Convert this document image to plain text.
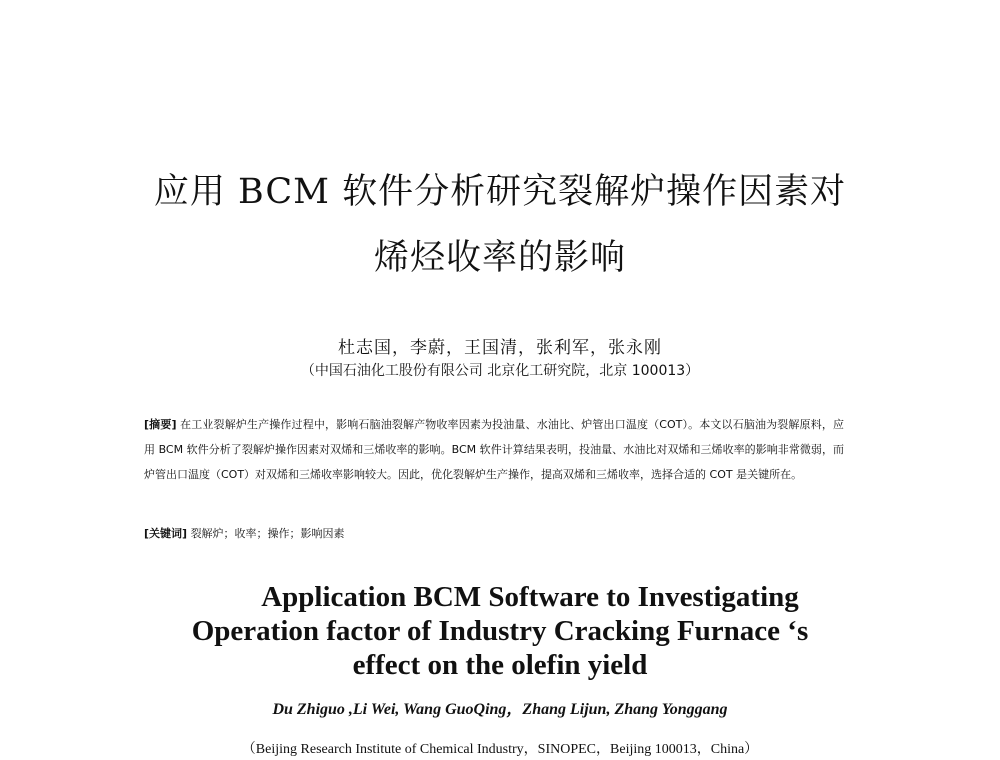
应用 BCM 软件分析研究裂解炉操作因素对
烯烃收率的影响
杜志国，李蔚，王国清，张利军，张永刚
（中国石油化工股份有限公司 北京化工研究院，北京 100013）
[摘要] 在工业裂解炉生产操作过程中，影响石脑油裂解产物收率因素为投油量、水油比、炉管出口温度（COT）。本文以石脑油为裂解原料，应用 BCM 软件分析了裂解炉操作因素对双烯和三烯收率的影响。BCM 软件计算结果表明，投油量、水油比对双烯和三烯收率的影响非常微弱，而炉管出口温度（COT）对双烯和三烯收率影响较大。因此，优化裂解炉生产操作，提高双烯和三烯收率，选择合适的 COT 是关键所在。
[关键词] 裂解炉；收率；操作；影响因素
Application BCM Software to Investigating
Operation factor of Industry Cracking Furnace ‘s
effect on the olefin yield
Du Zhiguo ,Li Wei, Wang GuoQing，Zhang Lijun, Zhang Yonggang
（Beijing Research Institute of Chemical Industry，SINOPEC，Beijing 100013，China）
